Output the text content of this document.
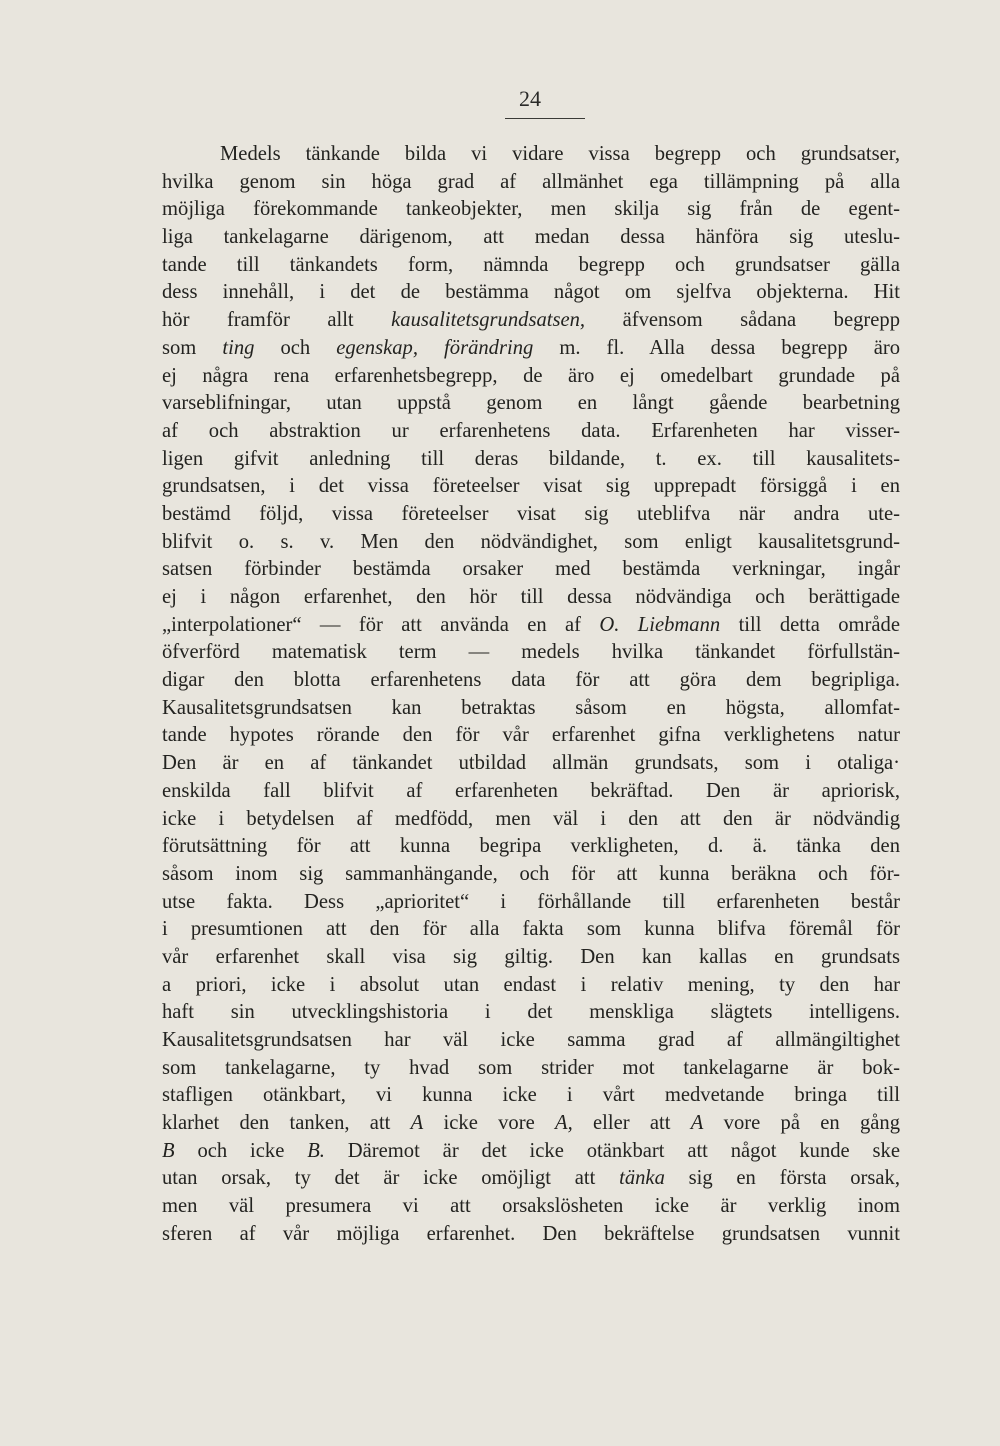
24
Medels tänkande bilda vi vidare vissa begrepp och grundsatser,
hvilka genom sin höga grad af allmänhet ega tillämpning på alla
möjliga förekommande tankeobjekter, men skilja sig från de egent-
liga tankelagarne därigenom, att medan dessa hänföra sig uteslu-
tande till tänkandets form, nämnda begrepp och grundsatser gälla
dess innehåll, i det de bestämma något om sjelfva objekterna. Hit
hör framför allt kausalitetsgrundsatsen, äfvensom sådana begrepp
som ting och egenskap, förändring m. fl. Alla dessa begrepp äro
ej några rena erfarenhetsbegrepp, de äro ej omedelbart grundade på
varseblifningar, utan uppstå genom en långt gående bearbetning
af och abstraktion ur erfarenhetens data. Erfarenheten har visser-
ligen gifvit anledning till deras bildande, t. ex. till kausalitets-
grundsatsen, i det vissa företeelser visat sig upprepadt försiggå i en
bestämd följd, vissa företeelser visat sig uteblifva när andra ute-
blifvit o. s. v. Men den nödvändighet, som enligt kausalitetsgrund-
satsen förbinder bestämda orsaker med bestämda verkningar, ingår
ej i någon erfarenhet, den hör till dessa nödvändiga och berättigade
„interpolationer“ — för att använda en af O. Liebmann till detta område
öfverförd matematisk term — medels hvilka tänkandet förfullstän-
digar den blotta erfarenhetens data för att göra dem begripliga.
Kausalitetsgrundsatsen kan betraktas såsom en högsta, allomfat-
tande hypotes rörande den för vår erfarenhet gifna verklighetens natur
Den är en af tänkandet utbildad allmän grundsats, som i otaliga·
enskilda fall blifvit af erfarenheten bekräftad. Den är apriorisk,
icke i betydelsen af medfödd, men väl i den att den är nödvändig
förutsättning för att kunna begripa verkligheten, d. ä. tänka den
såsom inom sig sammanhängande, och för att kunna beräkna och för-
utse fakta. Dess „aprioritet“ i förhållande till erfarenheten består
i presumtionen att den för alla fakta som kunna blifva föremål för
vår erfarenhet skall visa sig giltig. Den kan kallas en grundsats
a priori, icke i absolut utan endast i relativ mening, ty den har
haft sin utvecklingshistoria i det menskliga slägtets intelligens.
Kausalitetsgrundsatsen har väl icke samma grad af allmängiltighet
som tankelagarne, ty hvad som strider mot tankelagarne är bok-
stafligen otänkbart, vi kunna icke i vårt medvetande bringa till
klarhet den tanken, att A icke vore A, eller att A vore på en gång
B och icke B. Däremot är det icke otänkbart att något kunde ske
utan orsak, ty det är icke omöjligt att tänka sig en första orsak,
men väl presumera vi att orsakslösheten icke är verklig inom
sferen af vår möjliga erfarenhet. Den bekräftelse grundsatsen vunnit
